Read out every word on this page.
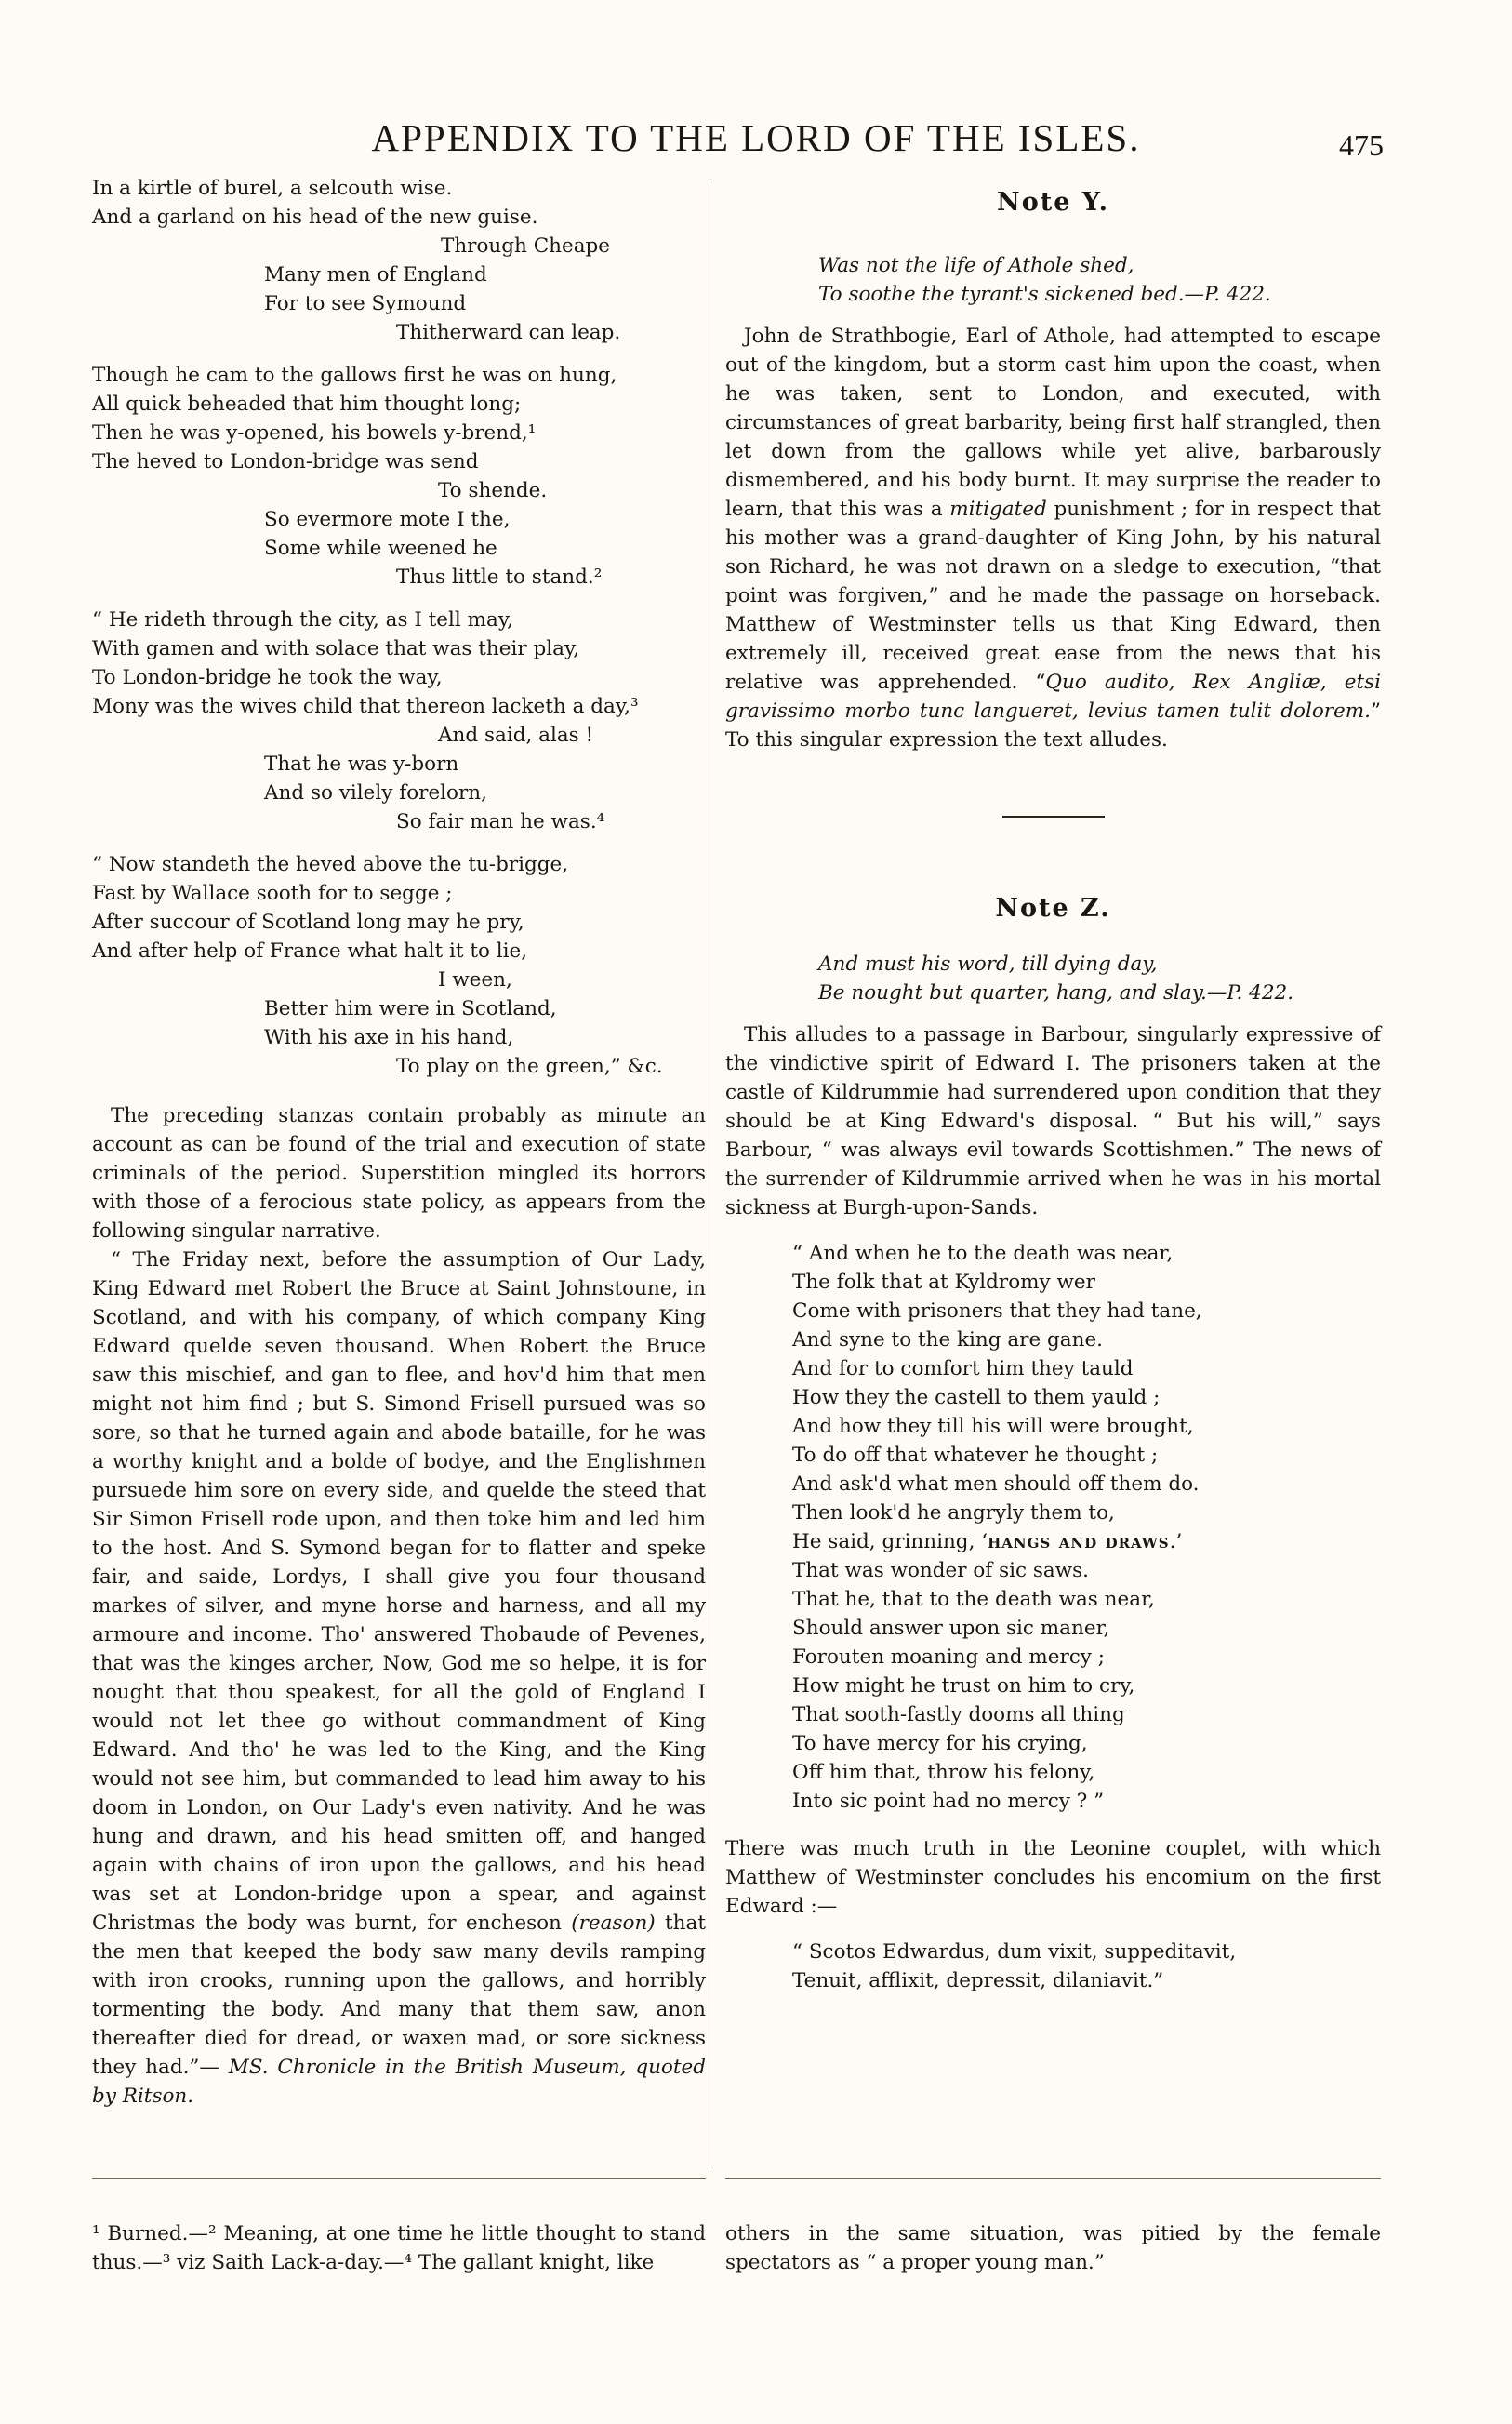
APPENDIX TO THE LORD OF THE ISLES.	475
In a kirtle of burel, a selcouth wise.
And a garland on his head of the new guise.
Through Cheape
Many men of England
For to see Symound
Thitherward can leap.
Though he cam to the gallows first he was on hung,
All quick beheaded that him thought long;
Then he was y-opened, his bowels y-brend,¹
The heved to London-bridge was send
To shende.
So evermore mote I the,
Some while weened he
Thus little to stand.²
“ He rideth through the city, as I tell may,
With gamen and with solace that was their play,
To London-bridge he took the way,
Mony was the wives child that thereon lacketh a day,³
And said, alas !
That he was y-born
And so vilely forelorn,
So fair man he was.⁴
“ Now standeth the heved above the tu-brigge,
Fast by Wallace sooth for to segge ;
After succour of Scotland long may he pry,
And after help of France what halt it to lie,
I ween,
Better him were in Scotland,
With his axe in his hand,
To play on the green,” &c.
The preceding stanzas contain probably as minute an account as can be found of the trial and execution of state criminals of the period. Superstition mingled its horrors with those of a ferocious state policy, as appears from the following singular narrative.
“ The Friday next, before the assumption of Our Lady, King Edward met Robert the Bruce at Saint Johnstoune, in Scotland, and with his company, of which company King Edward quelde seven thousand. When Robert the Bruce saw this mischief, and gan to flee, and hov'd him that men might not him find ; but S. Simond Frisell pursued was so sore, so that he turned again and abode bataille, for he was a worthy knight and a bolde of bodye, and the Englishmen pursuede him sore on every side, and quelde the steed that Sir Simon Frisell rode upon, and then toke him and led him to the host. And S. Symond began for to flatter and speke fair, and saide, Lordys, I shall give you four thousand markes of silver, and myne horse and harness, and all my armoure and income. Tho' answered Thobaude of Pevenes, that was the kinges archer, Now, God me so helpe, it is for nought that thou speakest, for all the gold of England I would not let thee go without commandment of King Edward. And tho' he was led to the King, and the King would not see him, but commanded to lead him away to his doom in London, on Our Lady's even nativity. And he was hung and drawn, and his head smitten off, and hanged again with chains of iron upon the gallows, and his head was set at London-bridge upon a spear, and against Christmas the body was burnt, for encheson (reason) that the men that keeped the body saw many devils ramping with iron crooks, running upon the gallows, and horribly tormenting the body. And many that them saw, anon thereafter died for dread, or waxen mad, or sore sickness they had.”— MS. Chronicle in the British Museum, quoted by Ritson.
Note Y.
Was not the life of Athole shed,
To soothe the tyrant's sickened bed.—P. 422.
John de Strathbogie, Earl of Athole, had attempted to escape out of the kingdom, but a storm cast him upon the coast, when he was taken, sent to London, and executed, with circumstances of great barbarity, being first half strangled, then let down from the gallows while yet alive, barbarously dismembered, and his body burnt. It may surprise the reader to learn, that this was a mitigated punishment ; for in respect that his mother was a grand-daughter of King John, by his natural son Richard, he was not drawn on a sledge to execution, “that point was forgiven,” and he made the passage on horseback. Matthew of Westminster tells us that King Edward, then extremely ill, received great ease from the news that his relative was apprehended. “Quo audito, Rex Angliæ, etsi gravissimo morbo tunc langueret, levius tamen tulit dolorem.” To this singular expression the text alludes.
Note Z.
And must his word, till dying day,
Be nought but quarter, hang, and slay.—P. 422.
This alludes to a passage in Barbour, singularly expressive of the vindictive spirit of Edward I. The prisoners taken at the castle of Kildrummie had surrendered upon condition that they should be at King Edward's disposal. “ But his will,” says Barbour, “ was always evil towards Scottishmen.” The news of the surrender of Kildrummie arrived when he was in his mortal sickness at Burgh-upon-Sands.
“ And when he to the death was near,
The folk that at Kyldromy wer
Come with prisoners that they had tane,
And syne to the king are gane.
And for to comfort him they tauld
How they the castell to them yauld ;
And how they till his will were brought,
To do off that whatever he thought ;
And ask'd what men should off them do.
Then look'd he angryly them to,
He said, grinning, ‘hangs and draws.’
That was wonder of sic saws.
That he, that to the death was near,
Should answer upon sic maner,
Forouten moaning and mercy ;
How might he trust on him to cry,
That sooth-fastly dooms all thing
To have mercy for his crying,
Off him that, throw his felony,
Into sic point had no mercy ? ”
There was much truth in the Leonine couplet, with which Matthew of Westminster concludes his encomium on the first Edward :—
“ Scotos Edwardus, dum vixit, suppeditavit,
Tenuit, afflixit, depressit, dilaniavit.”
¹ Burned.—² Meaning, at one time he little thought to stand thus.—³ viz Saith Lack-a-day.—⁴ The gallant knight, like
others in the same situation, was pitied by the female spectators as “ a proper young man.”
